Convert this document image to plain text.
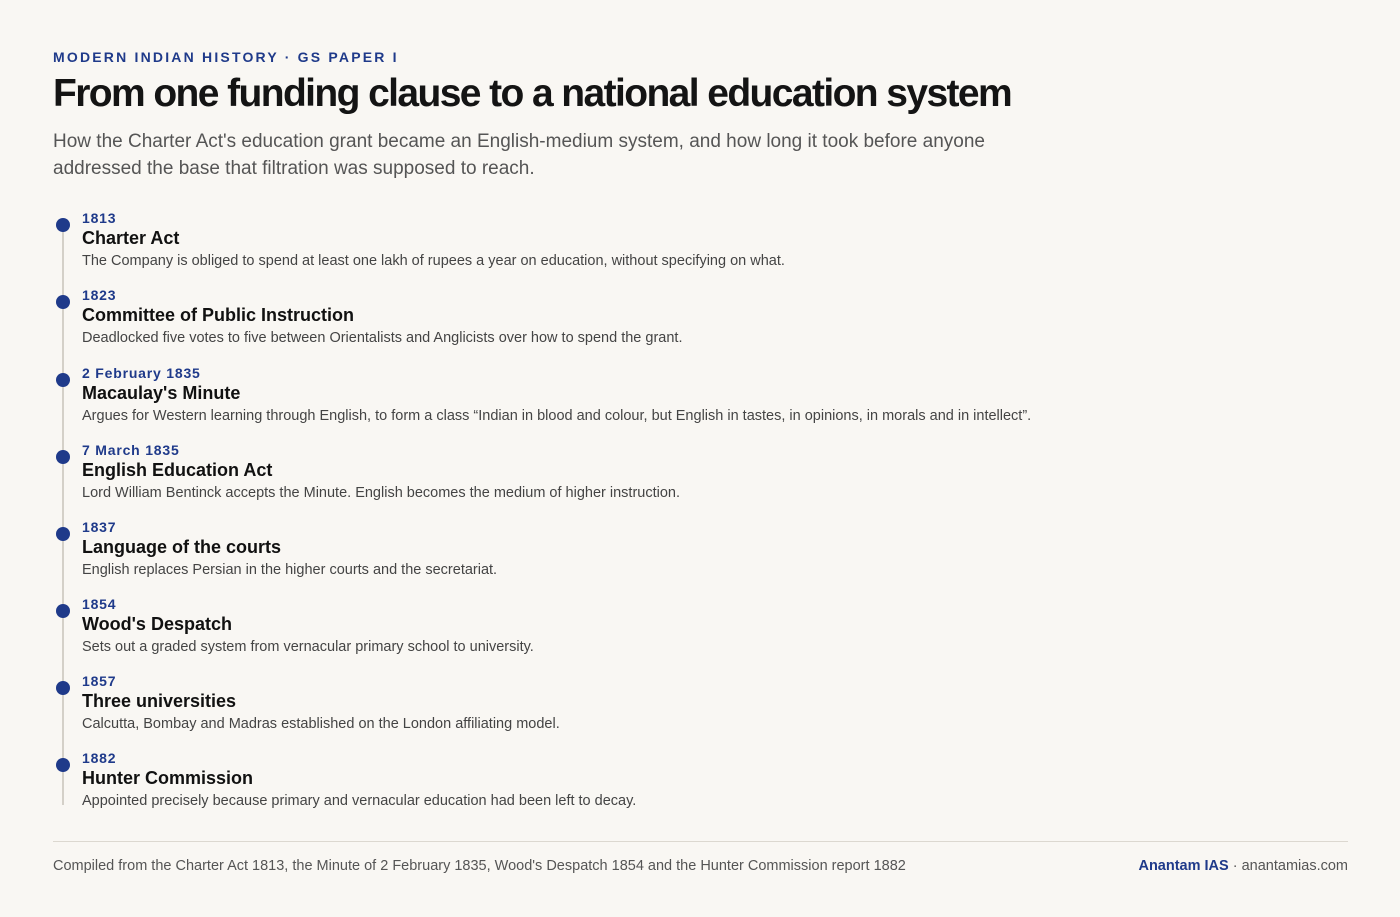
MODERN INDIAN HISTORY · GS PAPER I
From one funding clause to a national education system

How the Charter Act's education grant became an English-medium system, and how long it took before anyone addressed the base that filtration was supposed to reach.

1813
Charter Act
The Company is obliged to spend at least one lakh of rupees a year on education, without specifying on what.
1823
Committee of Public Instruction
Deadlocked five votes to five between Orientalists and Anglicists over how to spend the grant.
2 February 1835
Macaulay's Minute
Argues for Western learning through English, to form a class “Indian in blood and colour, but English in tastes, in opinions, in morals and in intellect”.
7 March 1835
English Education Act
Lord William Bentinck accepts the Minute. English becomes the medium of higher instruction.
1837
Language of the courts
English replaces Persian in the higher courts and the secretariat.
1854
Wood's Despatch
Sets out a graded system from vernacular primary school to university.
1857
Three universities
Calcutta, Bombay and Madras established on the London affiliating model.
1882
Hunter Commission
Appointed precisely because primary and vernacular education had been left to decay.
Compiled from the Charter Act 1813, the Minute of 2 February 1835, Wood's Despatch 1854 and the Hunter Commission report 1882	Anantam IAS · anantamias.com
